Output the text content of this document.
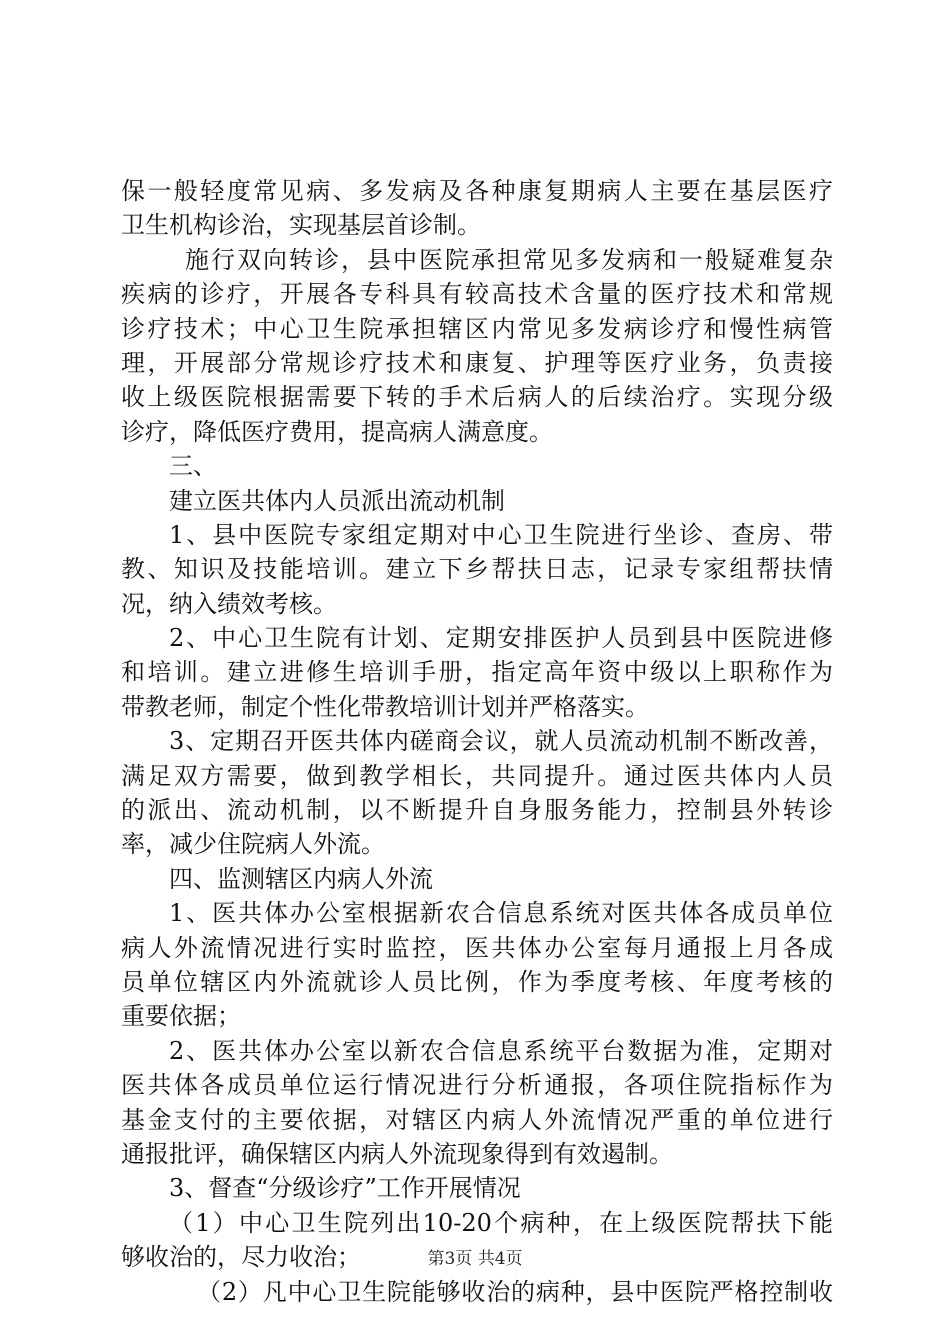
保一般轻度常见病、多发病及各种康复期病人主要在基层医疗
卫生机构诊治，实现基层首诊制。
施行双向转诊，县中医院承担常见多发病和一般疑难复杂
疾病的诊疗，开展各专科具有较高技术含量的医疗技术和常规
诊疗技术；中心卫生院承担辖区内常见多发病诊疗和慢性病管
理，开展部分常规诊疗技术和康复、护理等医疗业务，负责接
收上级医院根据需要下转的手术后病人的后续治疗。实现分级
诊疗，降低医疗费用，提高病人满意度。
三、
建立医共体内人员派出流动机制
1、县中医院专家组定期对中心卫生院进行坐诊、查房、带
教、知识及技能培训。建立下乡帮扶日志，记录专家组帮扶情
况，纳入绩效考核。
2、中心卫生院有计划、定期安排医护人员到县中医院进修
和培训。建立进修生培训手册，指定高年资中级以上职称作为
带教老师，制定个性化带教培训计划并严格落实。
3、定期召开医共体内磋商会议，就人员流动机制不断改善，
满足双方需要，做到教学相长，共同提升。通过医共体内人员
的派出、流动机制，以不断提升自身服务能力，控制县外转诊
率，减少住院病人外流。
四、监测辖区内病人外流
1、医共体办公室根据新农合信息系统对医共体各成员单位
病人外流情况进行实时监控，医共体办公室每月通报上月各成
员单位辖区内外流就诊人员比例，作为季度考核、年度考核的
重要依据；
2、医共体办公室以新农合信息系统平台数据为准，定期对
医共体各成员单位运行情况进行分析通报，各项住院指标作为
基金支付的主要依据，对辖区内病人外流情况严重的单位进行
通报批评，确保辖区内病人外流现象得到有效遏制。
3、督查“分级诊疗”工作开展情况
（1）中心卫生院列出10-20个病种，在上级医院帮扶下能
够收治的，尽力收治；
（2）凡中心卫生院能够收治的病种，县中医院严格控制收
第3页 共4页
